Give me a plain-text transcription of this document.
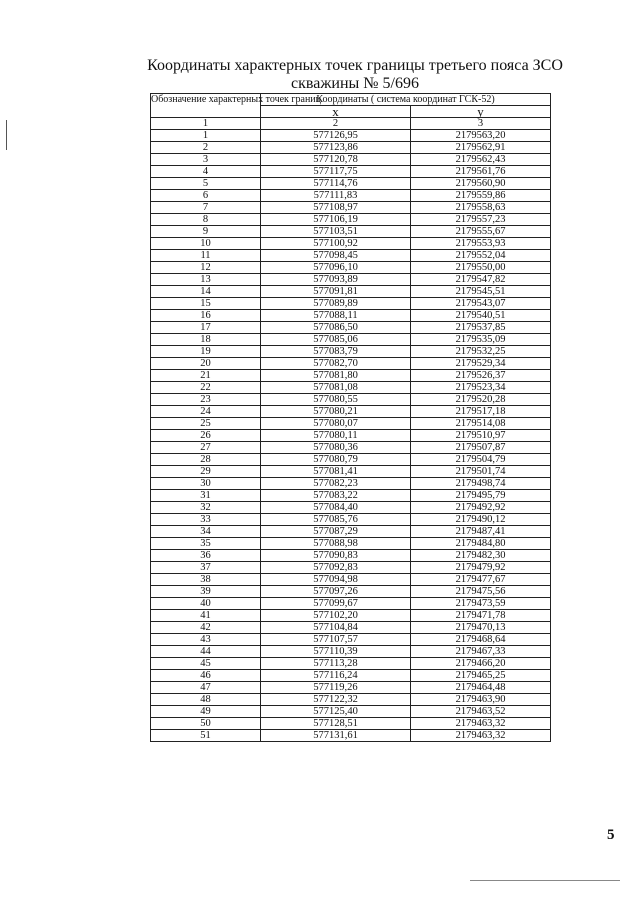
Координаты характерных точек границы третьего пояса ЗСО
скважины № 5/696
Обозначение характерных точек границ	Координаты ( система координат ГСК-52)	
	x	y
1	2	3
1	577126,95	2179563,20
2	577123,86	2179562,91
3	577120,78	2179562,43
4	577117,75	2179561,76
5	577114,76	2179560,90
6	577111,83	2179559,86
7	577108,97	2179558,63
8	577106,19	2179557,23
9	577103,51	2179555,67
10	577100,92	2179553,93
11	577098,45	2179552,04
12	577096,10	2179550,00
13	577093,89	2179547,82
14	577091,81	2179545,51
15	577089,89	2179543,07
16	577088,11	2179540,51
17	577086,50	2179537,85
18	577085,06	2179535,09
19	577083,79	2179532,25
20	577082,70	2179529,34
21	577081,80	2179526,37
22	577081,08	2179523,34
23	577080,55	2179520,28
24	577080,21	2179517,18
25	577080,07	2179514,08
26	577080,11	2179510,97
27	577080,36	2179507,87
28	577080,79	2179504,79
29	577081,41	2179501,74
30	577082,23	2179498,74
31	577083,22	2179495,79
32	577084,40	2179492,92
33	577085,76	2179490,12
34	577087,29	2179487,41
35	577088,98	2179484,80
36	577090,83	2179482,30
37	577092,83	2179479,92
38	577094,98	2179477,67
39	577097,26	2179475,56
40	577099,67	2179473,59
41	577102,20	2179471,78
42	577104,84	2179470,13
43	577107,57	2179468,64
44	577110,39	2179467,33
45	577113,28	2179466,20
46	577116,24	2179465,25
47	577119,26	2179464,48
48	577122,32	2179463,90
49	577125,40	2179463,52
50	577128,51	2179463,32
51	577131,61	2179463,32
5
